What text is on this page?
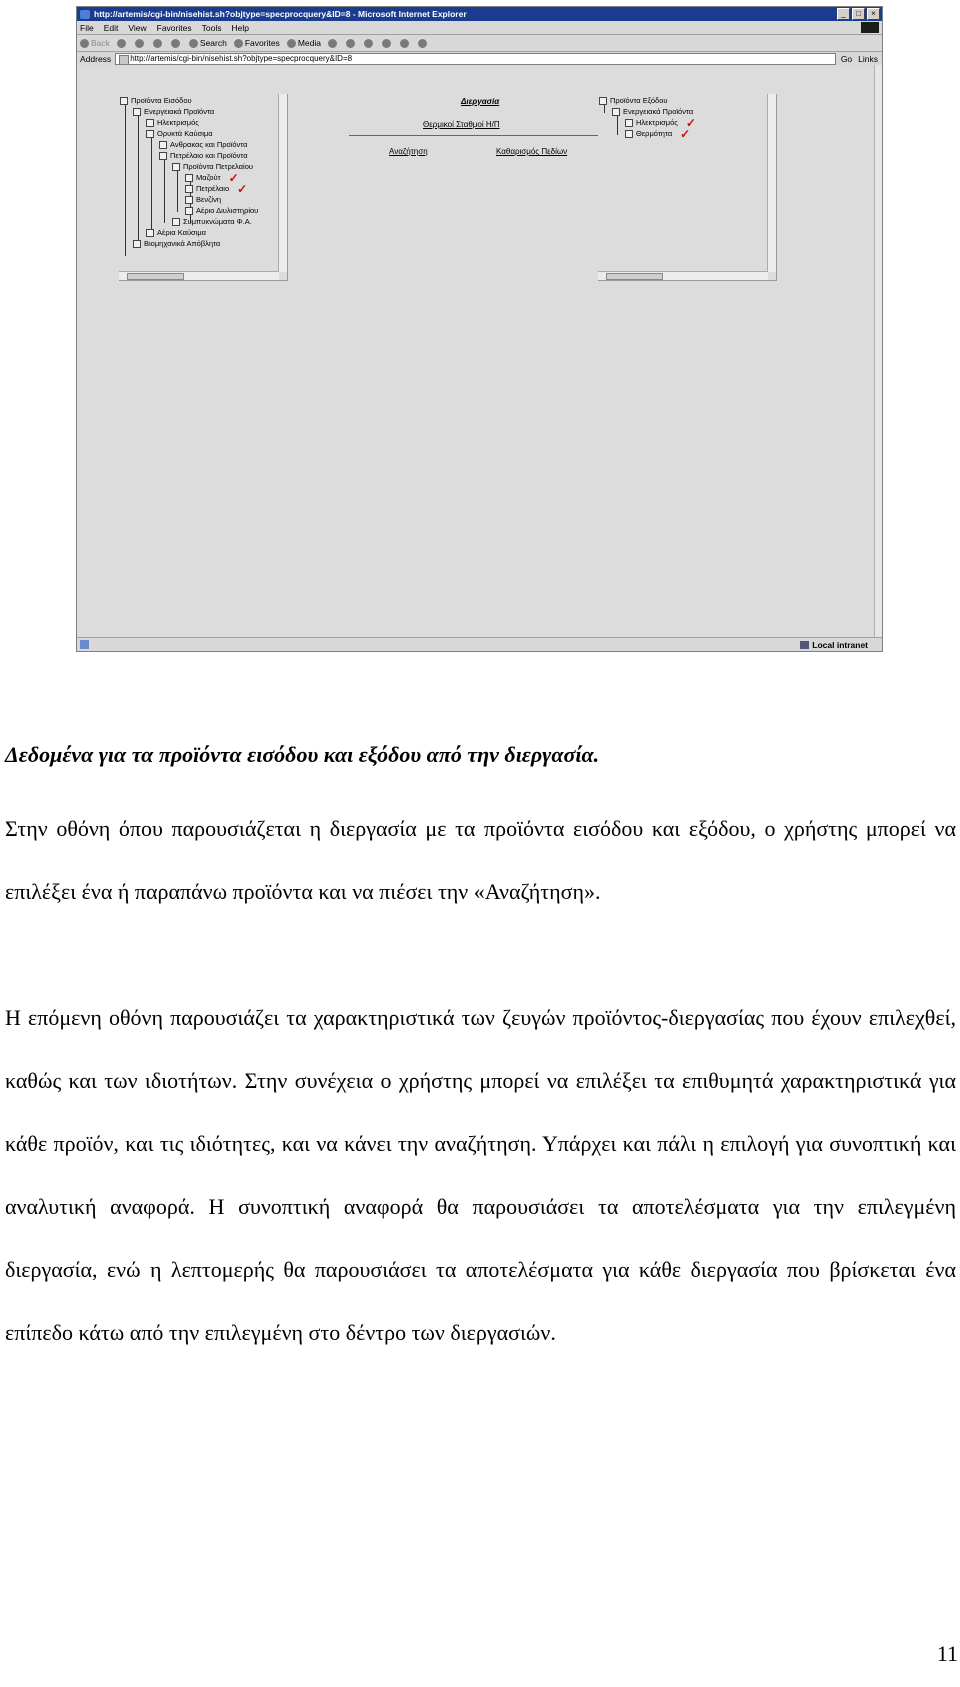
http://artemis/cgi-bin/nisehist.sh?objtype=specprocquery&ID=8 - Microsoft Internet Explorer	_	□	×
File Edit View Favorites Tools Help
Back	Search Favorites Media
Address	http://artemis/cgi-bin/nisehist.sh?objtype=specprocquery&ID=8	Go Links
Προϊόντα Εισόδου
Ενεργειακά Προϊόντα
Ηλεκτρισμός
Ορυκτά Καύσιμα
Ανθρακας και Προϊόντα
Πετρέλαιο και Προϊόντα
Προϊόντα Πετρελαίου
Μαζούτ ✓
Πετρέλαιο ✓
Βενζίνη
Αέριο Διυλιστηρίου
Συμπυκνώματα Φ.Α.
Αέρια Καύσιμα
Βιομηχανικά Απόβλητα
Διεργασία
Θερμικοί Σταθμοί Η/Π
Αναζήτηση	Καθαρισμός Πεδίων
Προϊόντα Εξόδου
Ενεργειακά Προϊόντα
Ηλεκτρισμός ✓
Θερμότητα ✓
Local intranet

Δεδομένα για τα προϊόντα εισόδου και εξόδου από την διεργασία.

Στην οθόνη όπου παρουσιάζεται η διεργασία με τα προϊόντα εισόδου και εξόδου, ο χρήστης μπορεί να επιλέξει ένα ή παραπάνω προϊόντα και να πιέσει την «Αναζήτηση».

Η επόμενη οθόνη παρουσιάζει τα χαρακτηριστικά των ζευγών προϊόντος-διεργασίας που έχουν επιλεχθεί, καθώς και των ιδιοτήτων. Στην συνέχεια ο χρήστης μπορεί να επιλέξει τα επιθυμητά χαρακτηριστικά για κάθε προϊόν, και τις ιδιότητες, και να κάνει την αναζήτηση. Υπάρχει και πάλι η επιλογή για συνοπτική και αναλυτική αναφορά. Η συνοπτική αναφορά θα παρουσιάσει τα αποτελέσματα για την επιλεγμένη διεργασία, ενώ η λεπτομερής θα παρουσιάσει τα αποτελέσματα για κάθε διεργασία που βρίσκεται ένα επίπεδο κάτω από την επιλεγμένη στο δέντρο των διεργασιών.

11
